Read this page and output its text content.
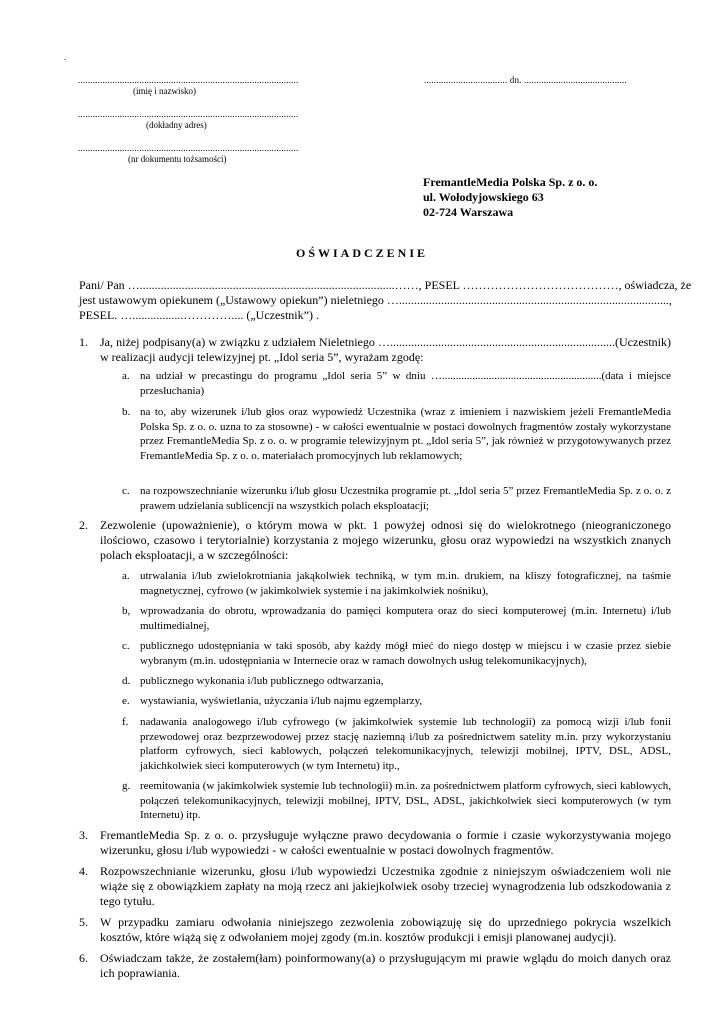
.
..........................................................................................
(imię i nazwisko)
..........................................................................................
(dokładny adres)
..........................................................................................
(nr dokumentu tożsamości)
.................................. dn. ..........................................
FremantleMedia Polska Sp. z o. o.
ul. Wołodyjowskiego 63
02-724 Warszawa
OŚWIADCZENIE
Pani/ Pan ….....................................................................................……, PESEL …………………………………, oświadcza, że
jest ustawowym opiekunem („Ustawowy opiekun”) nieletniego …..........................................................................................,
PESEL. ….................………….... („Uczestnik”) .
1. Ja, niżej podpisany(a) w związku z udziałem Nieletniego …...........................................................................(Uczestnik) w realizacji audycji telewizyjnej pt. „Idol seria 5”, wyrażam zgodę:
a. na udział w precastingu do programu „Idol seria 5” w dniu …..........................................................(data i miejsce przesłuchania)
b. na to, aby wizerunek i/lub głos oraz wypowiedź Uczestnika (wraz z imieniem i nazwiskiem jeżeli FremantleMedia Polska Sp. z o. o. uzna to za stosowne) - w całości ewentualnie w postaci dowolnych fragmentów zostały wykorzystane przez FremantleMedia Sp. z o. o. w programie telewizyjnym pt. „Idol seria 5”, jak również w przygotowywanych przez FremantleMedia Sp. z o. o. materiałach promocyjnych lub reklamowych;
c. na rozpowszechnianie wizerunku i/lub głosu Uczestnika programie pt. „Idol seria 5” przez FremantleMedia Sp. z o. o. z prawem udzielania sublicencji na wszystkich polach eksploatacji;
2. Zezwolenie (upoważnienie), o którym mowa w pkt. 1 powyżej odnosi się do wielokrotnego (nieograniczonego ilościowo, czasowo i terytorialnie) korzystania z mojego wizerunku, głosu oraz wypowiedzi na wszystkich znanych polach eksploatacji, a w szczególności:
a. utrwalania i/lub zwielokrotniania jakąkolwiek techniką, w tym m.in. drukiem, na kliszy fotograficznej, na taśmie magnetycznej, cyfrowo (w jakimkolwiek systemie i na jakimkolwiek nośniku),
b, wprowadzania do obrotu, wprowadzania do pamięci komputera oraz do sieci komputerowej (m.in. Internetu) i/lub multimedialnej,
c. publicznego udostępniania w taki sposób, aby każdy mógł mieć do niego dostęp w miejscu i w czasie przez siebie wybranym (m.in. udostępniania w Internecie oraz w ramach dowolnych usług telekomunikacyjnych),
d. publicznego wykonania i/lub publicznego odtwarzania,
e. wystawiania, wyświetlania, użyczania i/lub najmu egzemplarzy,
f. nadawania analogowego i/lub cyfrowego (w jakimkolwiek systemie lub technologii) za pomocą wizji i/lub fonii przewodowej oraz bezprzewodowej przez stację naziemną i/lub za pośrednictwem satelity m.in. przy wykorzystaniu platform cyfrowych, sieci kablowych, połączeń telekomunikacyjnych, telewizji mobilnej, IPTV, DSL, ADSL, jakichkolwiek sieci komputerowych (w tym Internetu) itp.,
g. reemitowania (w jakimkolwiek systemie lub technologii) m.in. za pośrednictwem platform cyfrowych, sieci kablowych, połączeń telekomunikacyjnych, telewizji mobilnej, IPTV, DSL, ADSL, jakichkolwiek sieci komputerowych (w tym Internetu) itp.
3. FremantleMedia Sp. z o. o. przysługuje wyłączne prawo decydowania o formie i czasie wykorzystywania mojego wizerunku, głosu i/lub wypowiedzi - w całości ewentualnie w postaci dowolnych fragmentów.
4. Rozpowszechnianie wizerunku, głosu i/lub wypowiedzi Uczestnika zgodnie z niniejszym oświadczeniem woli nie wiąże się z obowiązkiem zapłaty na moją rzecz ani jakiejkolwiek osoby trzeciej wynagrodzenia lub odszkodowania z tego tytułu.
5. W przypadku zamiaru odwołania niniejszego zezwolenia zobowiązuję się do uprzedniego pokrycia wszelkich kosztów, które wiążą się z odwołaniem mojej zgody (m.in. kosztów produkcji i emisji planowanej audycji).
6. Oświadczam także, że zostałem(łam) poinformowany(a) o przysługującym mi prawie wglądu do moich danych oraz ich poprawiania.
